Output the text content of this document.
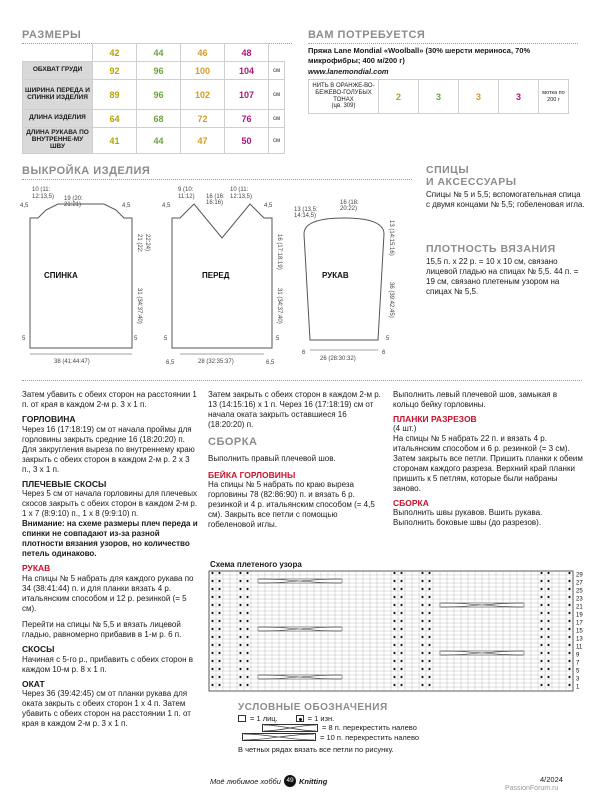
РАЗМЕРЫ
	42	44	46	48	
ОБХВАТ ГРУДИ	92	96	100	104	см
ШИРИНА ПЕРЕДА И СПИНКИ ИЗДЕЛИЯ	89	96	102	107	см
ДЛИНА ИЗДЕЛИЯ	64	68	72	76	см
ДЛИНА РУКАВА ПО ВНУТРЕННЕ-МУ ШВУ	41	44	47	50	см
ВАМ ПОТРЕБУЕТСЯ
Пряжа Lane Mondial «Woolball» (30% шерсти мериноса, 70% микрофибры; 400 м/200 г)
www.lanemondial.com
НИТЬ В ОРАНЖЕ-ВО-БЕЖЕВО-ГОЛУБЫХ ТОНАХ
(цв. 309)	2	3	3	3	мотка по 200 г
ВЫКРОЙКА ИЗДЕЛИЯ
СПИНКА
10 (11:
12:13,5) 19 (20:
21:21)
4,5	4,5
21 (22: 22:24)
31 (34:37:40)
5
5
38 (41:44:47)
ПЕРЕД
9 (10:
11:12) 16 (16:
16:16)
10 (11:
12:13,5)
4,5	4,5
16 (17:18:19)
31 (34:37:40)
5
5
6,5	6,5
28 (32:35:37)
РУКАВ
13 (13,5:
14:14,5)
16 (18:
20:22)
13 (14:15:16)
36 (39:42:45)
5
6	6
26 (28:30:32)
СПИЦЫ
И АКСЕССУАРЫ
Спицы № 5 и 5,5; вспомогательная спица с двумя концами № 5,5; гобеленовая игла.
ПЛОТНОСТЬ ВЯЗАНИЯ
15,5 п. x 22 р. = 10 x 10 см, связано лицевой гладью на спицах № 5,5. 44 п. = 19 см, связано плетеным узором на спицах № 5,5.

Затем убавить с обеих сторон на расстоянии 1 п. от края в каждом 2-м р. 3 x 1 п.

ГОРЛОВИНА

Через 16 (17:18:19) см от начала проймы для горловины закрыть средние 16 (18:20:20) п. Для закругления выреза по внутреннему краю закрыть с обеих сторон в каждом 2-м р. 2 x 3 п., 3 x 1 п.

ПЛЕЧЕВЫЕ СКОСЫ

Через 5 см от начала горловины для плечевых скосов закрыть с обеих сторон в каждом 2-м р. 1 x 7 (8:9:10) п., 1 x 8 (9:9:10) п.

Внимание: на схеме размеры плеч переда и спинки не совпадают из-за разной плотности вязания узоров, но количество петель одинаково.

РУКАВ

На спицы № 5 набрать для каждого рукава по 34 (38:41:44) п. и для планки вязать 4 р. итальянским способом и 12 р. резинкой (= 5 см).

Перейти на спицы № 5,5 и вязать лицевой гладью, равномерно прибавив в 1-м р. 6 п.

СКОСЫ

Начиная с 5-го р., прибавить с обеих сторон в каждом 10-м р. 8 x 1 п.

ОКАТ

Через 36 (39:42:45) см от планки рукава для оката закрыть с обеих сторон 1 x 4 п. Затем убавить с обеих сторон на расстоянии 1 п. от края в каждом 2-м р. 3 x 1 п.

Затем закрыть с обеих сторон в каждом 2-м р. 13 (14:15:16) x 1 п. Через 16 (17:18:19) см от начала оката закрыть оставшиеся 16 (18:20:20) п.

СБОРКА

Выполнить правый плечевой шов.

БЕЙКА ГОРЛОВИНЫ

На спицы № 5 набрать по краю выреза горловины 78 (82:86:90) п. и вязать 6 р. резинкой и 4 р. итальянским способом (= 4,5 см). Закрыть все петли с помощью гобеленовой иглы.

Выполнить левый плечевой шов, замыкая в кольцо бейку горловины.

ПЛАНКИ РАЗРЕЗОВ

(4 шт.)

На спицы № 5 набрать 22 п. и вязать 4 р. итальянским способом и 6 р. резинкой (= 3 см). Затем закрыть все петли. Пришить планки к обеим сторонам каждого разреза. Верхний край планки пришить к 5 петлям, которые были набраны заново.

СБОРКА

Выполнить швы рукавов. Вшить рукава. Выполнить боковые швы (до разрезов).

Схема плетеного узора
29
27
25
23
21
19
17
15
13
11
9
7
5
3
1
УСЛОВНЫЕ ОБОЗНАЧЕНИЯ
= 1 лиц.	= 1 изн.
= 8 п. перекрестить налево
= 10 п. перекрестить налево
В четных рядах вязать все петли по рисунку.
Моё любимое хобби 49 Knitting	4/2024
PassionForum.ru
